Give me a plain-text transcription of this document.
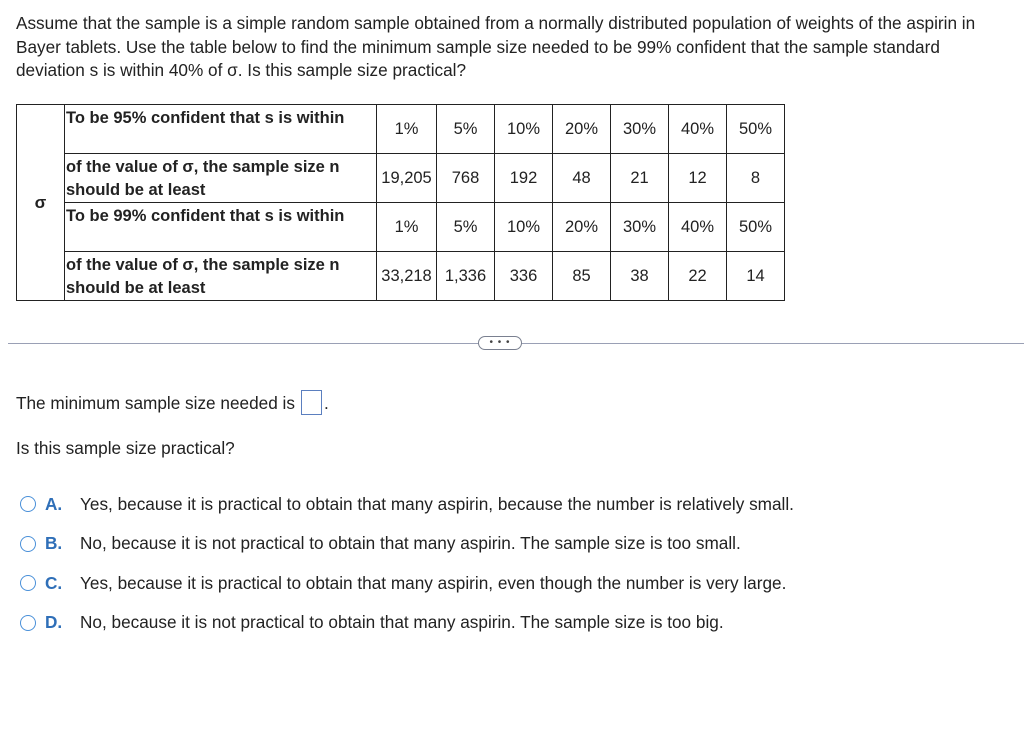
Assume that the sample is a simple random sample obtained from a normally distributed population of weights of the aspirin in Bayer tablets. Use the table below to find the minimum sample size needed to be 99% confident that the sample standard deviation s is within 40% of σ. Is this sample size practical?

σ	To be 95% confident that s is within	1%	5%	10%	20%	30%	40%	50%
	of the value of σ, the sample size n should be at least	19,205	768	192	48	21	12	8
	To be 99% confident that s is within	1%	5%	10%	20%	30%	40%	50%
	of the value of σ, the sample size n should be at least	33,218	1,336	336	85	38	22	14
• • •
The minimum sample size needed is .
Is this sample size practical?
A.	Yes, because it is practical to obtain that many aspirin, because the number is relatively small.
B.	No, because it is not practical to obtain that many aspirin. The sample size is too small.
C.	Yes, because it is practical to obtain that many aspirin, even though the number is very large.
D.	No, because it is not practical to obtain that many aspirin. The sample size is too big.
